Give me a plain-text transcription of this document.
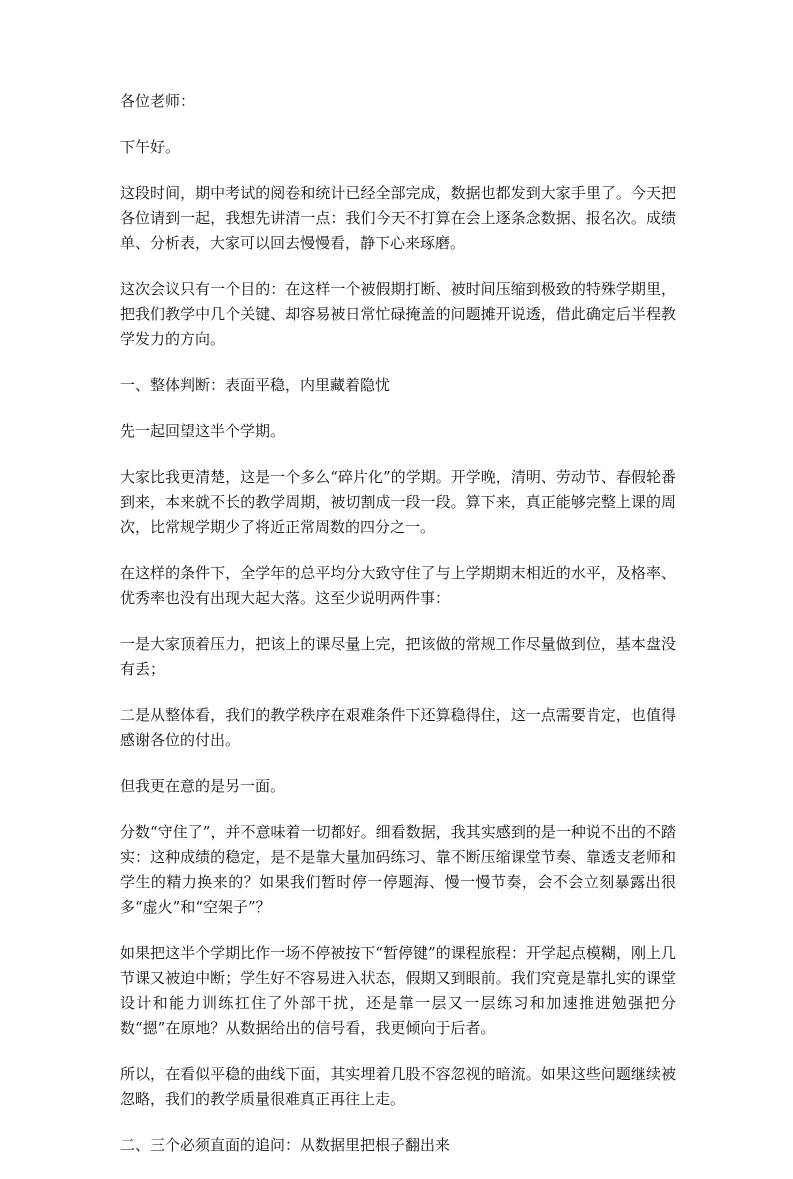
各位老师：

下午好。

这段时间，期中考试的阅卷和统计已经全部完成，数据也都发到大家手里了。今天把各位请到一起，我想先讲清一点：我们今天不打算在会上逐条念数据、报名次。成绩单、分析表，大家可以回去慢慢看，静下心来琢磨。

这次会议只有一个目的：在这样一个被假期打断、被时间压缩到极致的特殊学期里，把我们教学中几个关键、却容易被日常忙碌掩盖的问题摊开说透，借此确定后半程教学发力的方向。

一、整体判断：表面平稳，内里藏着隐忧

先一起回望这半个学期。

大家比我更清楚，这是一个多么“碎片化”的学期。开学晚，清明、劳动节、春假轮番到来，本来就不长的教学周期，被切割成一段一段。算下来，真正能够完整上课的周次，比常规学期少了将近正常周数的四分之一。

在这样的条件下，全学年的总平均分大致守住了与上学期期末相近的水平，及格率、优秀率也没有出现大起大落。这至少说明两件事：

一是大家顶着压力，把该上的课尽量上完，把该做的常规工作尽量做到位，基本盘没有丢；

二是从整体看，我们的教学秩序在艰难条件下还算稳得住，这一点需要肯定，也值得感谢各位的付出。

但我更在意的是另一面。

分数“守住了”，并不意味着一切都好。细看数据，我其实感到的是一种说不出的不踏实：这种成绩的稳定，是不是靠大量加码练习、靠不断压缩课堂节奏、靠透支老师和学生的精力换来的？如果我们暂时停一停题海、慢一慢节奏，会不会立刻暴露出很多“虚火”和“空架子”？

如果把这半个学期比作一场不停被按下“暂停键”的课程旅程：开学起点模糊，刚上几节课又被迫中断；学生好不容易进入状态，假期又到眼前。我们究竟是靠扎实的课堂设计和能力训练扛住了外部干扰，还是靠一层又一层练习和加速推进勉强把分数“摁”在原地？从数据给出的信号看，我更倾向于后者。

所以，在看似平稳的曲线下面，其实埋着几股不容忽视的暗流。如果这些问题继续被忽略，我们的教学质量很难真正再往上走。

二、三个必须直面的追问：从数据里把根子翻出来
